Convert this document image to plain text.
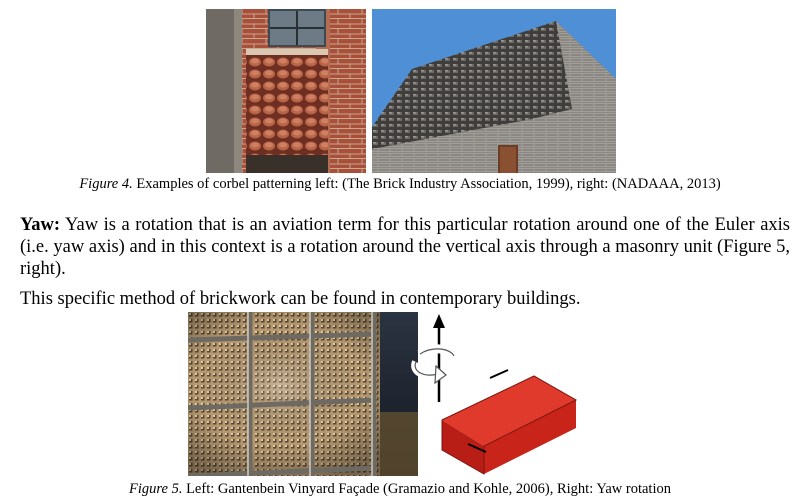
Figure 4. Examples of corbel patterning left: (The Brick Industry Association, 1999), right: (NADAAA, 2013)
Yaw: Yaw is a rotation that is an aviation term for this particular rotation around one of the Euler axis (i.e. yaw axis) and in this context is a rotation around the vertical axis through a masonry unit (Figure 5, right).
This specific method of brickwork can be found in contemporary buildings.
Figure 5. Left: Gantenbein Vinyard Façade (Gramazio and Kohle, 2006), Right: Yaw rotation
